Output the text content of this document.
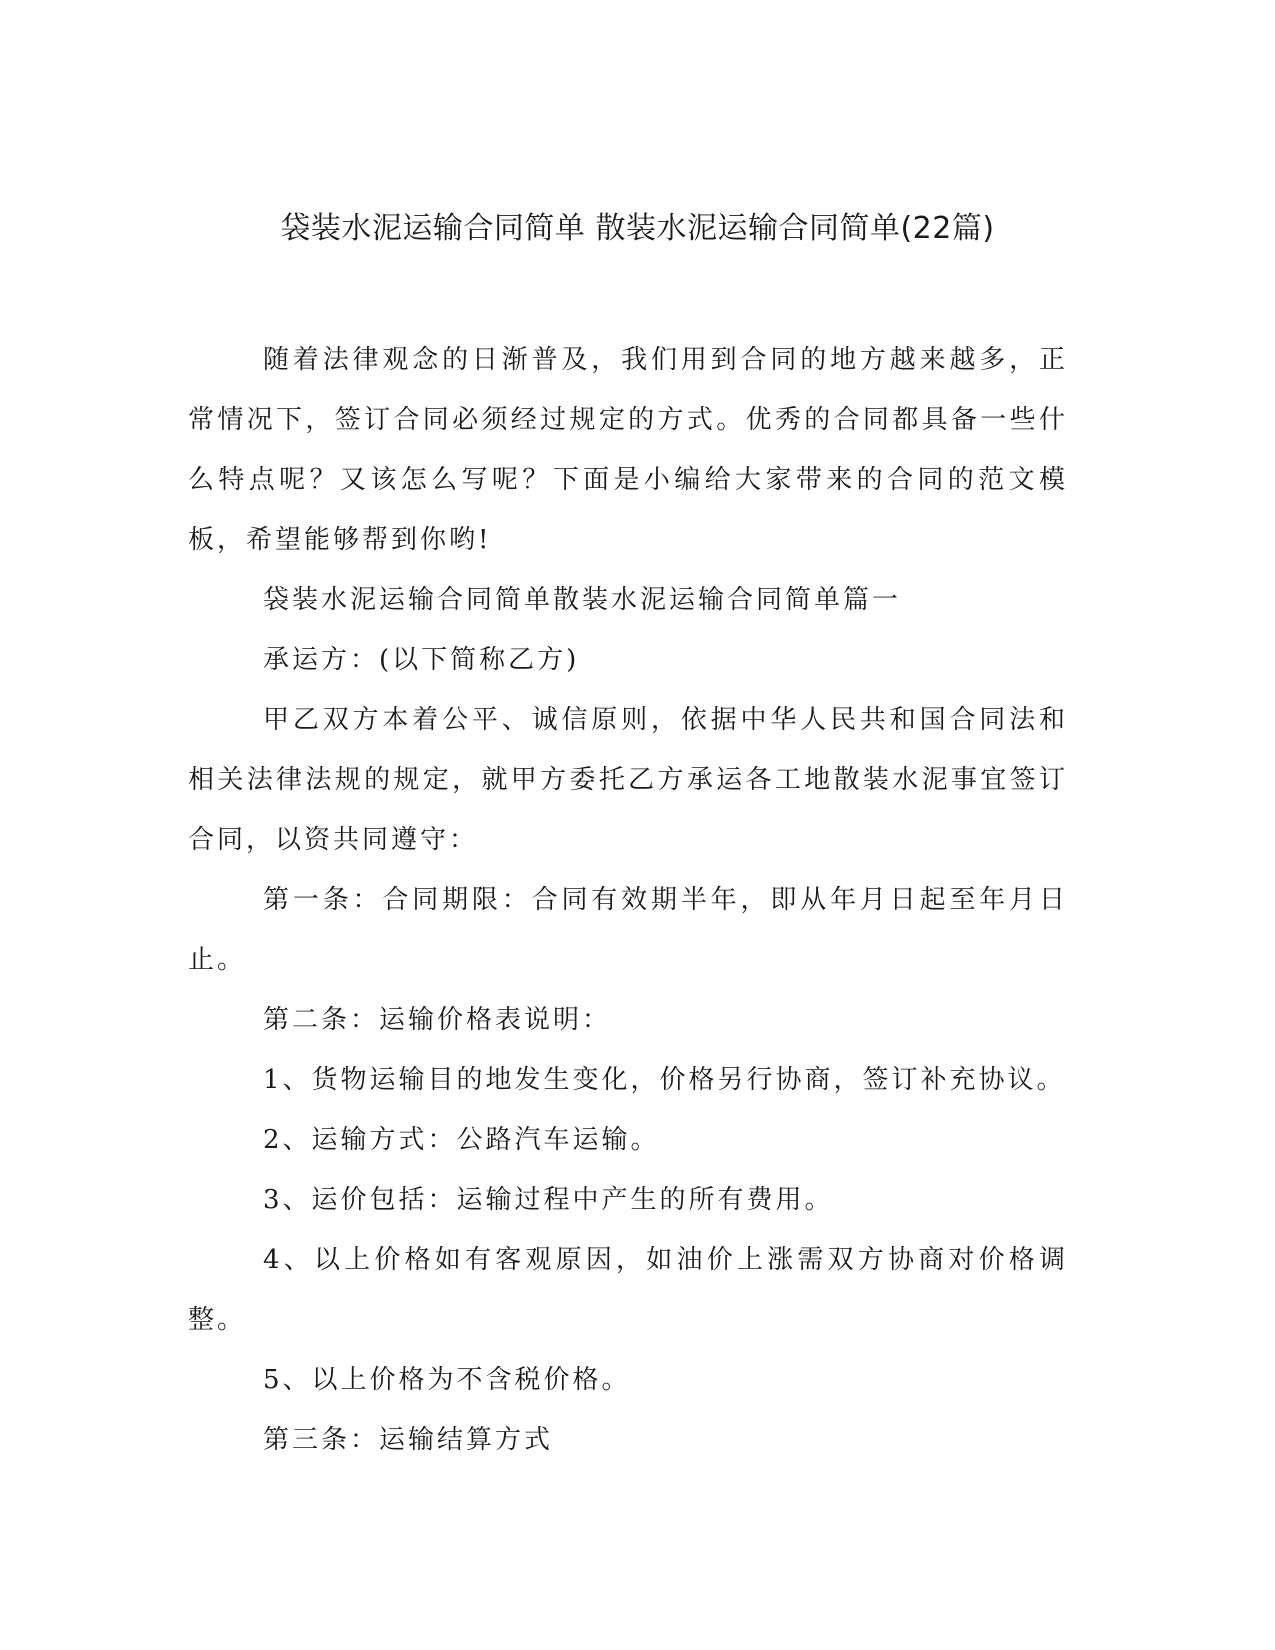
袋装水泥运输合同简单 散装水泥运输合同简单(22篇)

随着法律观念的日渐普及，我们用到合同的地方越来越多，正常情况下，签订合同必须经过规定的方式。优秀的合同都具备一些什么特点呢？又该怎么写呢？下面是小编给大家带来的合同的范文模板，希望能够帮到你哟!

袋装水泥运输合同简单散装水泥运输合同简单篇一

承运方：(以下简称乙方)

甲乙双方本着公平、诚信原则，依据中华人民共和国合同法和相关法律法规的规定，就甲方委托乙方承运各工地散装水泥事宜签订合同，以资共同遵守：

第一条：合同期限：合同有效期半年，即从年月日起至年月日止。

第二条：运输价格表说明：

1、货物运输目的地发生变化，价格另行协商，签订补充协议。

2、运输方式：公路汽车运输。

3、运价包括：运输过程中产生的所有费用。

4、以上价格如有客观原因，如油价上涨需双方协商对价格调整。

5、以上价格为不含税价格。

第三条：运输结算方式
